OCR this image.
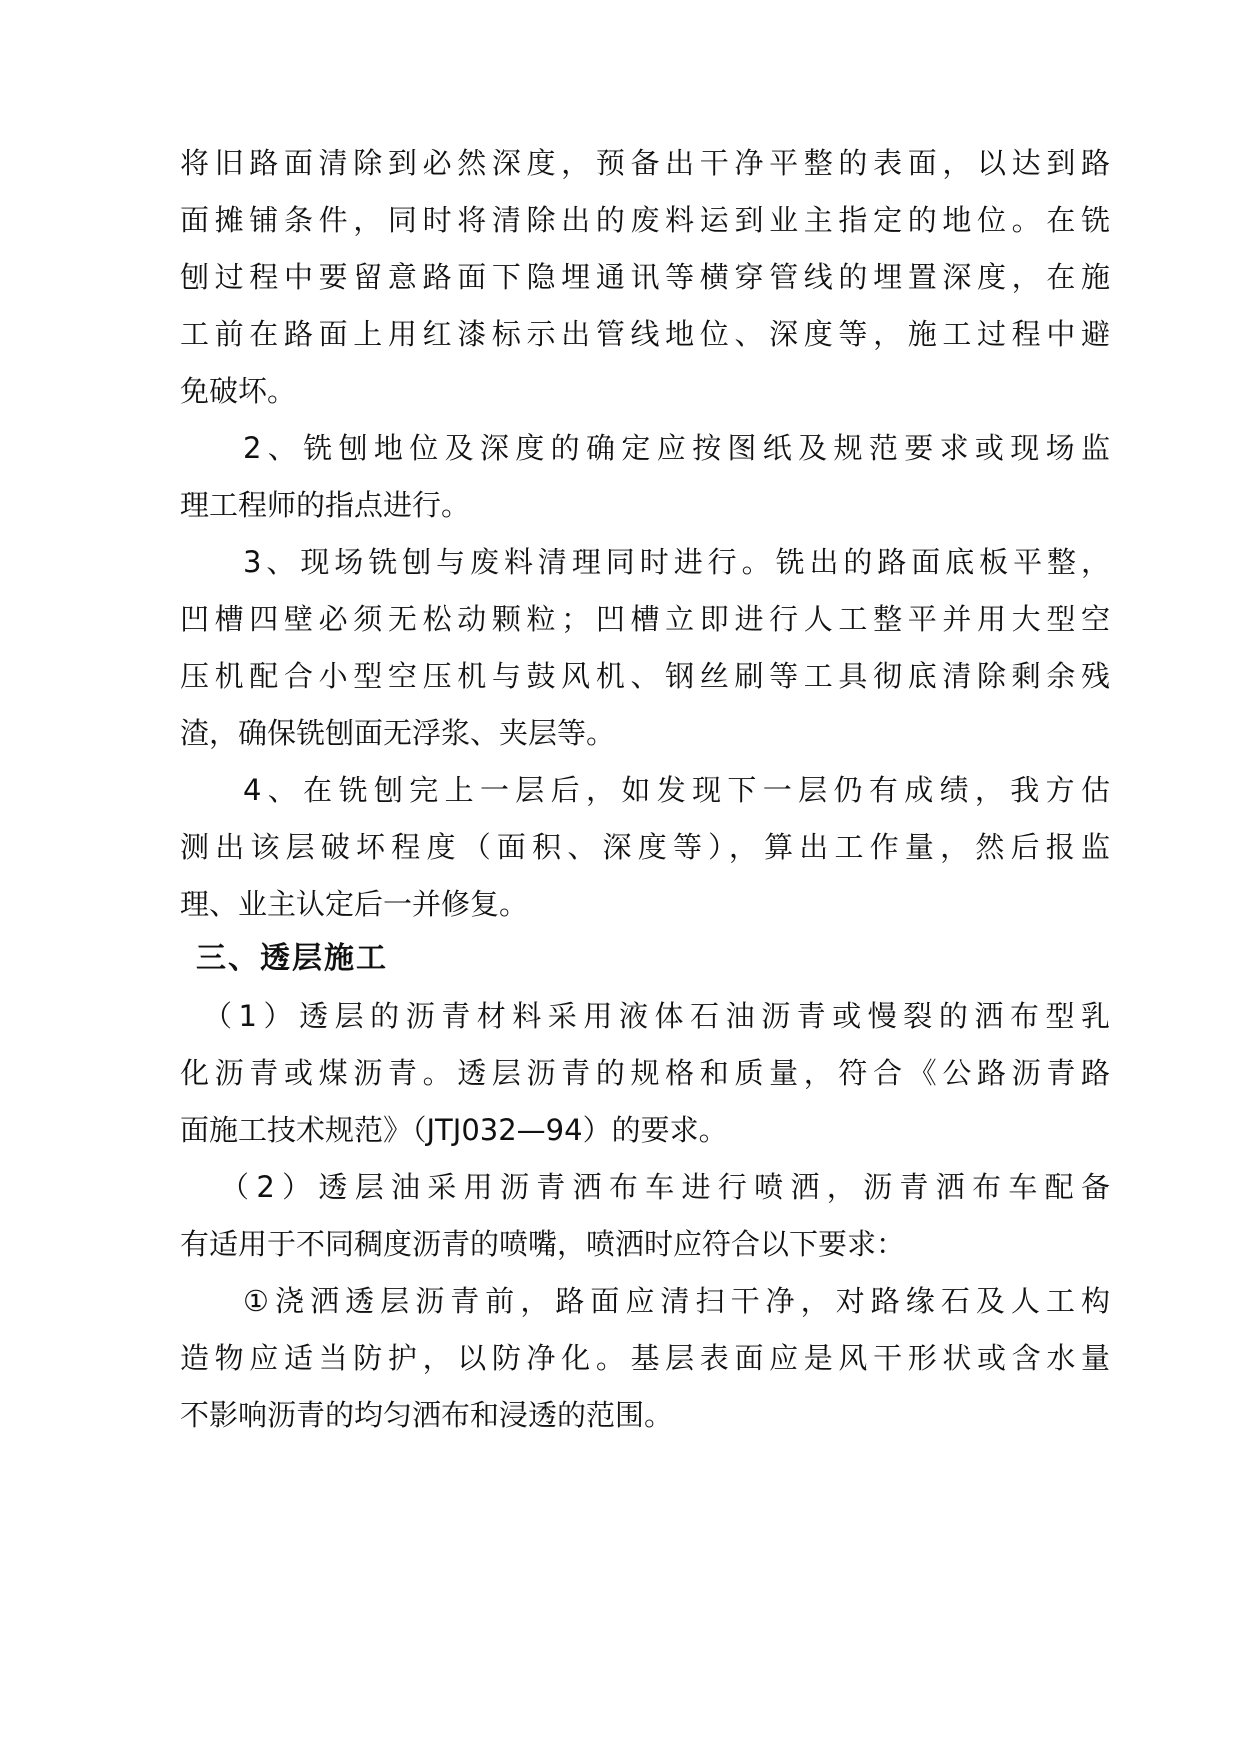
将旧路面清除到必然深度，预备出干净平整的表面，以达到路
面摊铺条件，同时将清除出的废料运到业主指定的地位。在铣
刨过程中要留意路面下隐埋通讯等横穿管线的埋置深度，在施
工前在路面上用红漆标示出管线地位、深度等，施工过程中避
免破坏。
2、铣刨地位及深度的确定应按图纸及规范要求或现场监
理工程师的指点进行。
3、现场铣刨与废料清理同时进行。铣出的路面底板平整，
凹槽四壁必须无松动颗粒；凹槽立即进行人工整平并用大型空
压机配合小型空压机与鼓风机、钢丝刷等工具彻底清除剩余残
渣，确保铣刨面无浮浆、夹层等。
4、在铣刨完上一层后，如发现下一层仍有成绩，我方估
测出该层破坏程度（面积、深度等），算出工作量，然后报监
理、业主认定后一并修复。
三、透层施工
（1）透层的沥青材料采用液体石油沥青或慢裂的洒布型乳
化沥青或煤沥青。透层沥青的规格和质量，符合《公路沥青路
面施工技术规范》（JTJ032—94）的要求。
（2）透层油采用沥青洒布车进行喷洒，沥青洒布车配备
有适用于不同稠度沥青的喷嘴，喷洒时应符合以下要求：
①浇洒透层沥青前，路面应清扫干净，对路缘石及人工构
造物应适当防护，以防净化。基层表面应是风干形状或含水量
不影响沥青的均匀洒布和浸透的范围。
